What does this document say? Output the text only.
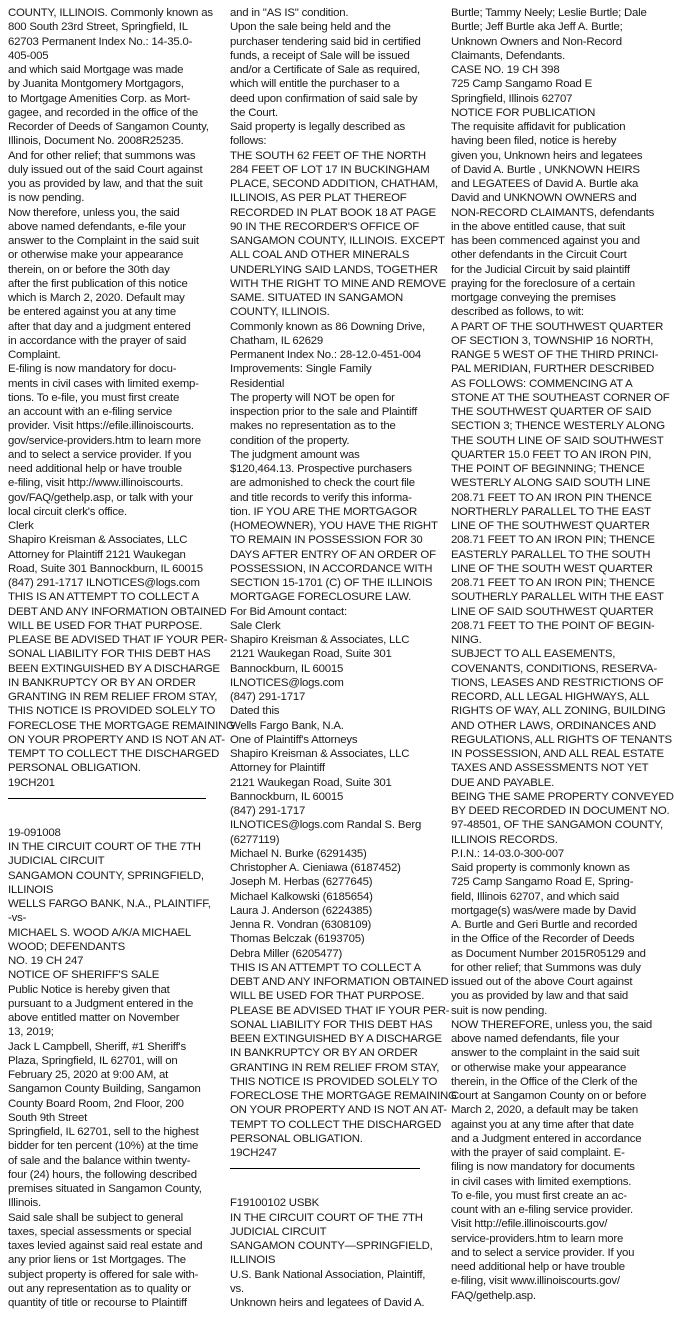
COUNTY, ILLINOIS. Commonly known as
800 South 23rd Street, Springfield, IL
62703 Permanent Index No.: 14-35.0-
405-005
and which said Mortgage was made
by Juanita Montgomery Mortgagors,
to Mortgage Amenities Corp. as Mort-
gagee, and recorded in the office of the
Recorder of Deeds of Sangamon County,
Illinois, Document No. 2008R25235.
And for other relief; that summons was
duly issued out of the said Court against
you as provided by law, and that the suit
is now pending.
Now therefore, unless you, the said
above named defendants, e-file your
answer to the Complaint in the said suit
or otherwise make your appearance
therein, on or before the 30th day
after the first publication of this notice
which is March 2, 2020. Default may
be entered against you at any time
after that day and a judgment entered
in accordance with the prayer of said
Complaint.
E-filing is now mandatory for docu-
ments in civil cases with limited exemp-
tions. To e-file, you must first create
an account with an e-filing service
provider. Visit https://efile.illinoiscourts.
gov/service-providers.htm to learn more
and to select a service provider. If you
need additional help or have trouble
e-filing, visit http://www.illinoiscourts.
gov/FAQ/gethelp.asp, or talk with your
local circuit clerk's office.
Clerk
Shapiro Kreisman & Associates, LLC
Attorney for Plaintiff 2121 Waukegan
Road, Suite 301 Bannockburn, IL 60015
(847) 291-1717 ILNOTICES@logs.com
THIS IS AN ATTEMPT TO COLLECT A
DEBT AND ANY INFORMATION OBTAINED
WILL BE USED FOR THAT PURPOSE.
PLEASE BE ADVISED THAT IF YOUR PER-
SONAL LIABILITY FOR THIS DEBT HAS
BEEN EXTINGUISHED BY A DISCHARGE
IN BANKRUPTCY OR BY AN ORDER
GRANTING IN REM RELIEF FROM STAY,
THIS NOTICE IS PROVIDED SOLELY TO
FORECLOSE THE MORTGAGE REMAINING
ON YOUR PROPERTY AND IS NOT AN AT-
TEMPT TO COLLECT THE DISCHARGED
PERSONAL OBLIGATION.
19CH201
19-091008
IN THE CIRCUIT COURT OF THE 7TH
JUDICIAL CIRCUIT
SANGAMON COUNTY, SPRINGFIELD,
ILLINOIS
WELLS FARGO BANK, N.A., PLAINTIFF,
-vs-
MICHAEL S. WOOD A/K/A MICHAEL
WOOD; DEFENDANTS
NO. 19 CH 247
NOTICE OF SHERIFF'S SALE
Public Notice is hereby given that
pursuant to a Judgment entered in the
above entitled matter on November
13, 2019;
Jack L Campbell, Sheriff, #1 Sheriff's
Plaza, Springfield, IL 62701, will on
February 25, 2020 at 9:00 AM, at
Sangamon County Building, Sangamon
County Board Room, 2nd Floor, 200
South 9th Street
Springfield, IL 62701, sell to the highest
bidder for ten percent (10%) at the time
of sale and the balance within twenty-
four (24) hours, the following described
premises situated in Sangamon County,
Illinois.
Said sale shall be subject to general
taxes, special assessments or special
taxes levied against said real estate and
any prior liens or 1st Mortgages. The
subject property is offered for sale with-
out any representation as to quality or
quantity of title or recourse to Plaintiff
and in "AS IS" condition.
Upon the sale being held and the
purchaser tendering said bid in certified
funds, a receipt of Sale will be issued
and/or a Certificate of Sale as required,
which will entitle the purchaser to a
deed upon confirmation of said sale by
the Court.
Said property is legally described as
follows:
THE SOUTH 62 FEET OF THE NORTH
284 FEET OF LOT 17 IN BUCKINGHAM
PLACE, SECOND ADDITION, CHATHAM,
ILLINOIS, AS PER PLAT THEREOF
RECORDED IN PLAT BOOK 18 AT PAGE
90 IN THE RECORDER'S OFFICE OF
SANGAMON COUNTY, ILLINOIS. EXCEPT
ALL COAL AND OTHER MINERALS
UNDERLYING SAID LANDS, TOGETHER
WITH THE RIGHT TO MINE AND REMOVE
SAME. SITUATED IN SANGAMON
COUNTY, ILLINOIS.
Commonly known as 86 Downing Drive,
Chatham, IL 62629
Permanent Index No.: 28-12.0-451-004
Improvements: Single Family
Residential
The property will NOT be open for
inspection prior to the sale and Plaintiff
makes no representation as to the
condition of the property.
The judgment amount was
$120,464.13. Prospective purchasers
are admonished to check the court file
and title records to verify this informa-
tion. IF YOU ARE THE MORTGAGOR
(HOMEOWNER), YOU HAVE THE RIGHT
TO REMAIN IN POSSESSION FOR 30
DAYS AFTER ENTRY OF AN ORDER OF
POSSESSION, IN ACCORDANCE WITH
SECTION 15-1701 (C) OF THE ILLINOIS
MORTGAGE FORECLOSURE LAW.
For Bid Amount contact:
Sale Clerk
Shapiro Kreisman & Associates, LLC
2121 Waukegan Road, Suite 301
Bannockburn, IL 60015
ILNOTICES@logs.com
(847) 291-1717
Dated this
Wells Fargo Bank, N.A.
One of Plaintiff's Attorneys
Shapiro Kreisman & Associates, LLC
Attorney for Plaintiff
2121 Waukegan Road, Suite 301
Bannockburn, IL 60015
(847) 291-1717
ILNOTICES@logs.com Randal S. Berg
(6277119)
Michael N. Burke (6291435)
Christopher A. Cieniawa (6187452)
Joseph M. Herbas (6277645)
Michael Kalkowski (6185654)
Laura J. Anderson (6224385)
Jenna R. Vondran (6308109)
Thomas Belczak (6193705)
Debra Miller (6205477)
THIS IS AN ATTEMPT TO COLLECT A
DEBT AND ANY INFORMATION OBTAINED
WILL BE USED FOR THAT PURPOSE.
PLEASE BE ADVISED THAT IF YOUR PER-
SONAL LIABILITY FOR THIS DEBT HAS
BEEN EXTINGUISHED BY A DISCHARGE
IN BANKRUPTCY OR BY AN ORDER
GRANTING IN REM RELIEF FROM STAY,
THIS NOTICE IS PROVIDED SOLELY TO
FORECLOSE THE MORTGAGE REMAINING
ON YOUR PROPERTY AND IS NOT AN AT-
TEMPT TO COLLECT THE DISCHARGED
PERSONAL OBLIGATION.
19CH247
F19100102 USBK
IN THE CIRCUIT COURT OF THE 7TH
JUDICIAL CIRCUIT
SANGAMON COUNTY—SPRINGFIELD,
ILLINOIS
U.S. Bank National Association, Plaintiff,
vs.
Unknown heirs and legatees of David A.
Burtle; Tammy Neely; Leslie Burtle; Dale
Burtle; Jeff Burtle aka Jeff A. Burtle;
Unknown Owners and Non-Record
Claimants, Defendants.
CASE NO. 19 CH 398
725 Camp Sangamo Road E
Springfield, Illinois 62707
NOTICE FOR PUBLICATION
The requisite affidavit for publication
having been filed, notice is hereby
given you, Unknown heirs and legatees
of David A. Burtle , UNKNOWN HEIRS
and LEGATEES of David A. Burtle aka
David and UNKNOWN OWNERS and
NON-RECORD CLAIMANTS, defendants
in the above entitled cause, that suit
has been commenced against you and
other defendants in the Circuit Court
for the Judicial Circuit by said plaintiff
praying for the foreclosure of a certain
mortgage conveying the premises
described as follows, to wit:
A PART OF THE SOUTHWEST QUARTER
OF SECTION 3, TOWNSHIP 16 NORTH,
RANGE 5 WEST OF THE THIRD PRINCI-
PAL MERIDIAN, FURTHER DESCRIBED
AS FOLLOWS: COMMENCING AT A
STONE AT THE SOUTHEAST CORNER OF
THE SOUTHWEST QUARTER OF SAID
SECTION 3; THENCE WESTERLY ALONG
THE SOUTH LINE OF SAID SOUTHWEST
QUARTER 15.0 FEET TO AN IRON PIN,
THE POINT OF BEGINNING; THENCE
WESTERLY ALONG SAID SOUTH LINE
208.71 FEET TO AN IRON PIN THENCE
NORTHERLY PARALLEL TO THE EAST
LINE OF THE SOUTHWEST QUARTER
208.71 FEET TO AN IRON PIN; THENCE
EASTERLY PARALLEL TO THE SOUTH
LINE OF THE SOUTH WEST QUARTER
208.71 FEET TO AN IRON PIN; THENCE
SOUTHERLY PARALLEL WITH THE EAST
LINE OF SAID SOUTHWEST QUARTER
208.71 FEET TO THE POINT OF BEGIN-
NING.
SUBJECT TO ALL EASEMENTS,
COVENANTS, CONDITIONS, RESERVA-
TIONS, LEASES AND RESTRICTIONS OF
RECORD, ALL LEGAL HIGHWAYS, ALL
RIGHTS OF WAY, ALL ZONING, BUILDING
AND OTHER LAWS, ORDINANCES AND
REGULATIONS, ALL RIGHTS OF TENANTS
IN POSSESSION, AND ALL REAL ESTATE
TAXES AND ASSESSMENTS NOT YET
DUE AND PAYABLE.
BEING THE SAME PROPERTY CONVEYED
BY DEED RECORDED IN DOCUMENT NO.
97-48501, OF THE SANGAMON COUNTY,
ILLINOIS RECORDS.
P.I.N.: 14-03.0-300-007
Said property is commonly known as
725 Camp Sangamo Road E, Spring-
field, Illinois 62707, and which said
mortgage(s) was/were made by David
A. Burtle and Geri Burtle and recorded
in the Office of the Recorder of Deeds
as Document Number 2015R05129 and
for other relief; that Summons was duly
issued out of the above Court against
you as provided by law and that said
suit is now pending.
NOW THEREFORE, unless you, the said
above named defendants, file your
answer to the complaint in the said suit
or otherwise make your appearance
therein, in the Office of the Clerk of the
Court at Sangamon County on or before
March 2, 2020, a default may be taken
against you at any time after that date
and a Judgment entered in accordance
with the prayer of said complaint. E-
filing is now mandatory for documents
in civil cases with limited exemptions.
To e-file, you must first create an ac-
count with an e-filing service provider.
Visit http://efile.illinoiscourts.gov/
service-providers.htm to learn more
and to select a service provider. If you
need additional help or have trouble
e-filing, visit www.illinoiscourts.gov/
FAQ/gethelp.asp.
